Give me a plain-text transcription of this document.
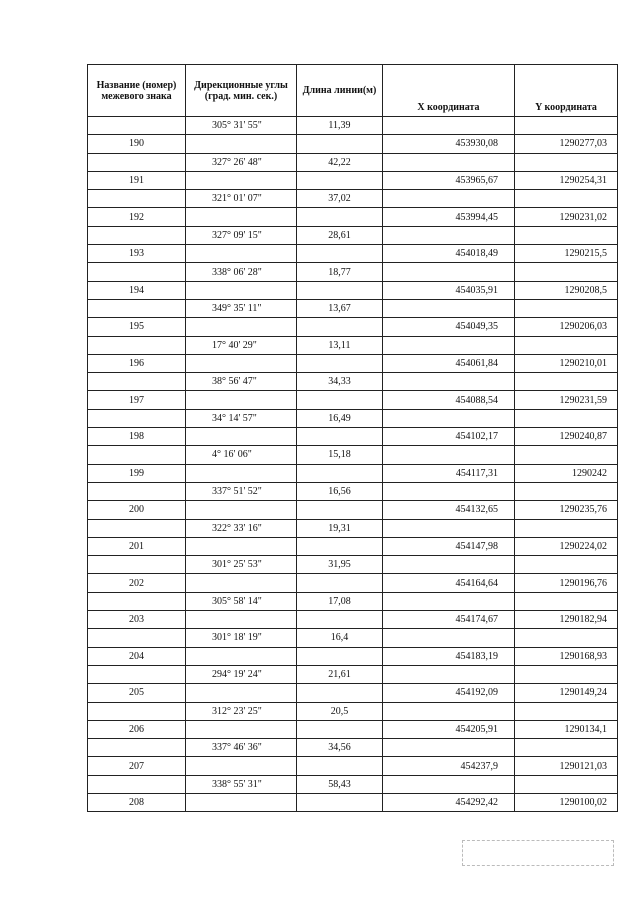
Название (номер) межевого знака	Дирекционные углы (град. мин. сек.)	Длина линии(м)	Х координата	Y координата
	305° 31' 55"	11,39		
190			453930,08	1290277,03
	327° 26' 48"	42,22		
191			453965,67	1290254,31
	321° 01' 07"	37,02		
192			453994,45	1290231,02
	327° 09' 15"	28,61		
193			454018,49	1290215,5
	338° 06' 28"	18,77		
194			454035,91	1290208,5
	349° 35' 11"	13,67		
195			454049,35	1290206,03
	17° 40' 29"	13,11		
196			454061,84	1290210,01
	38° 56' 47"	34,33		
197			454088,54	1290231,59
	34° 14' 57"	16,49		
198			454102,17	1290240,87
	4° 16' 06"	15,18		
199			454117,31	1290242
	337° 51' 52"	16,56		
200			454132,65	1290235,76
	322° 33' 16"	19,31		
201			454147,98	1290224,02
	301° 25' 53"	31,95		
202			454164,64	1290196,76
	305° 58' 14"	17,08		
203			454174,67	1290182,94
	301° 18' 19"	16,4		
204			454183,19	1290168,93
	294° 19' 24"	21,61		
205			454192,09	1290149,24
	312° 23' 25"	20,5		
206			454205,91	1290134,1
	337° 46' 36"	34,56		
207			454237,9	1290121,03
	338° 55' 31"	58,43		
208			454292,42	1290100,02
